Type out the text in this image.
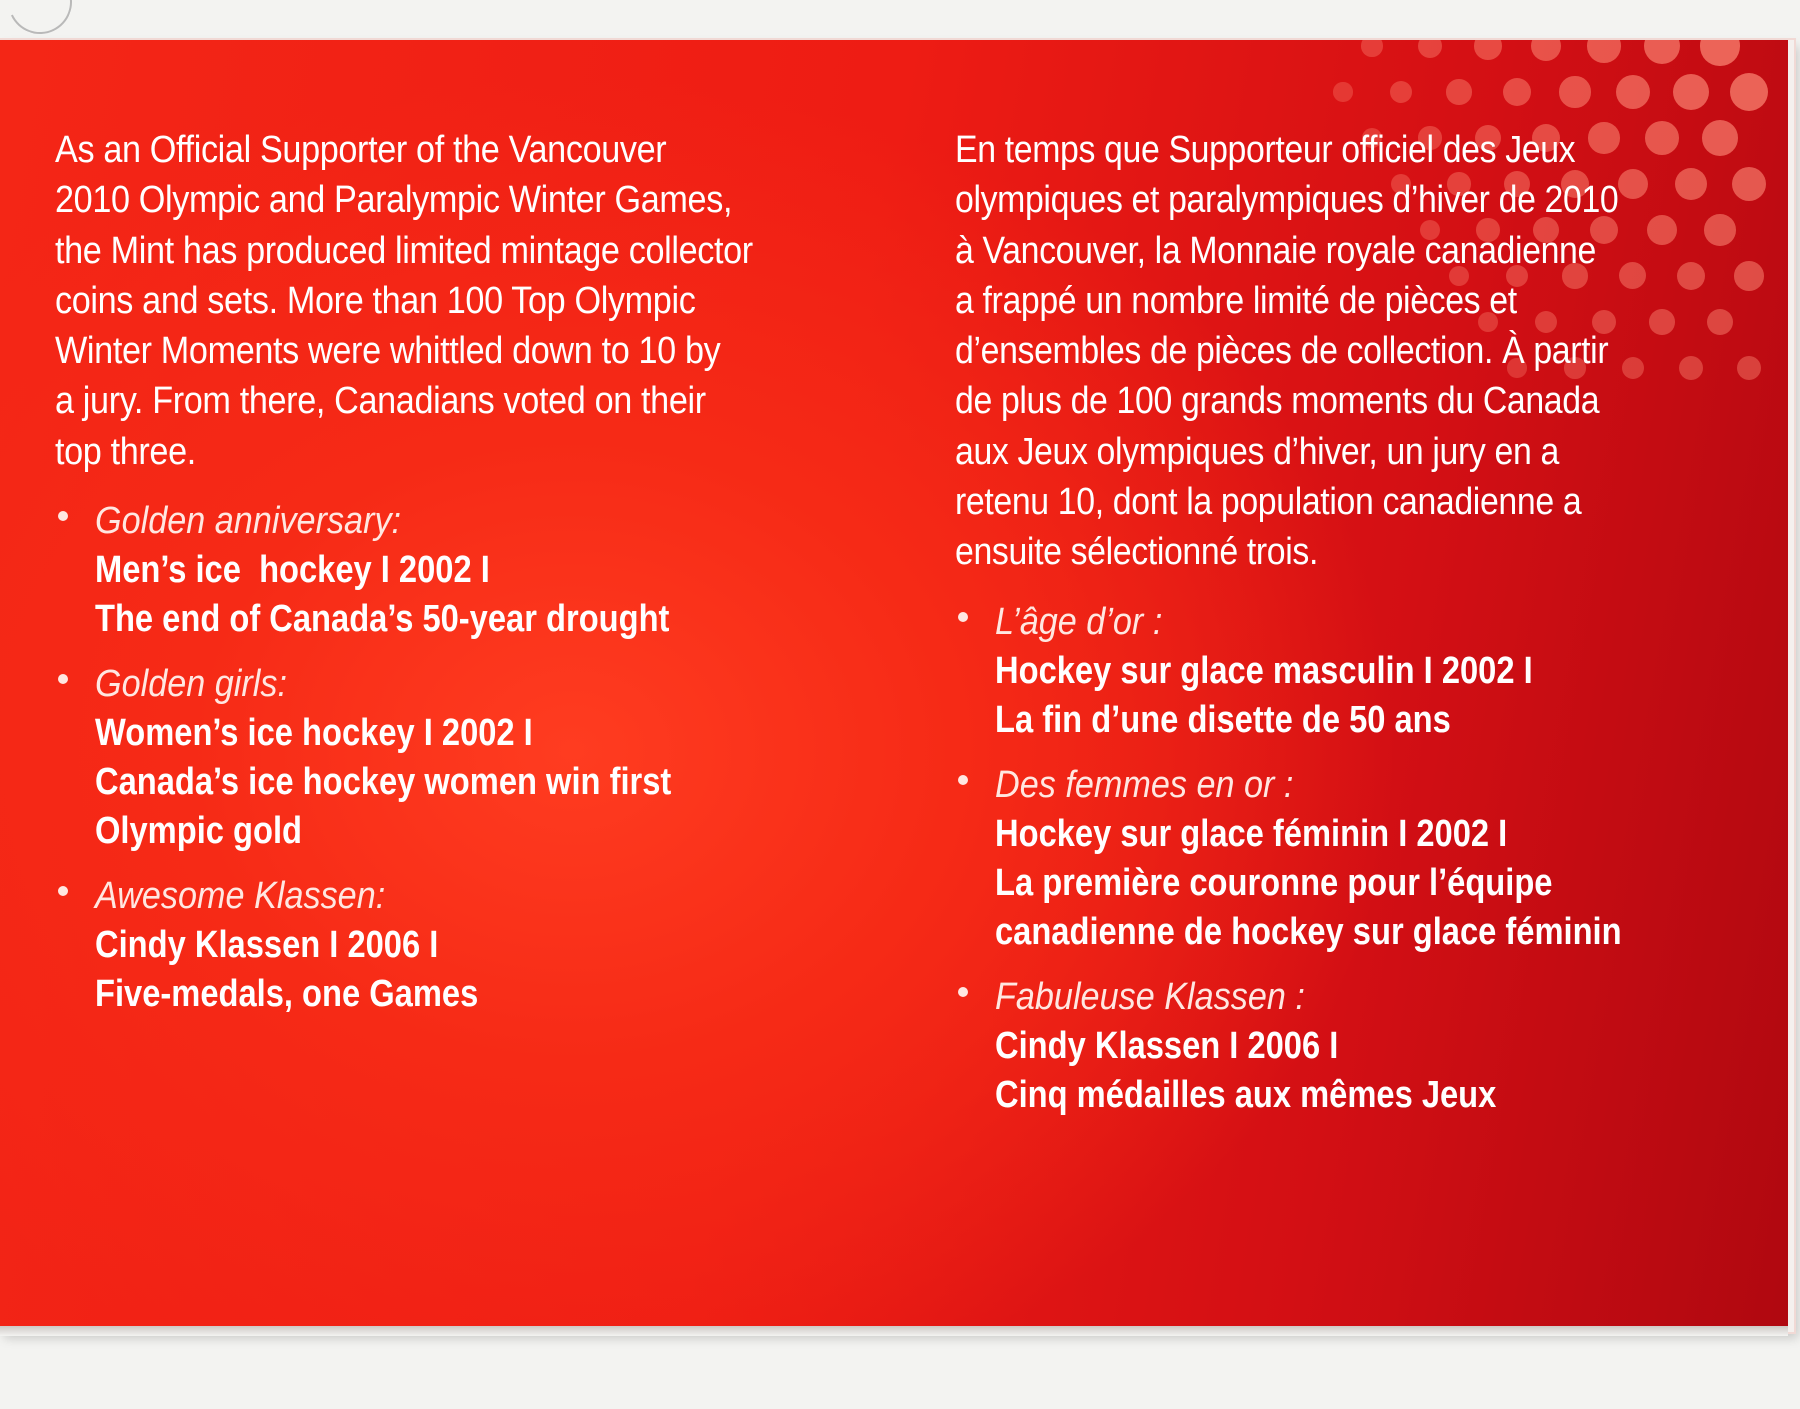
As an Official Supporter of the Vancouver
2010 Olympic and Paralympic Winter Games,
the Mint has produced limited mintage collector
coins and sets. More than 100 Top Olympic
Winter Moments were whittled down to 10 by
a jury. From there, Canadians voted on their
top three.

Golden anniversary:
Men’s ice  hockey I 2002 I
The end of Canada’s 50-year drought
Golden girls:
Women’s ice hockey I 2002 I
Canada’s ice hockey women win first
Olympic gold
Awesome Klassen:
Cindy Klassen I 2006 I
Five-medals, one Games

En temps que Supporteur officiel des Jeux
olympiques et paralympiques d’hiver de 2010
à Vancouver, la Monnaie royale canadienne
a frappé un nombre limité de pièces et
d’ensembles de pièces de collection. À partir
de plus de 100 grands moments du Canada
aux Jeux olympiques d’hiver, un jury en a
retenu 10, dont la population canadienne a
ensuite sélectionné trois.

L’âge d’or :
Hockey sur glace masculin I 2002 I
La fin d’une disette de 50 ans
Des femmes en or :
Hockey sur glace féminin I 2002 I
La première couronne pour l’équipe
canadienne de hockey sur glace féminin
Fabuleuse Klassen :
Cindy Klassen I 2006 I
Cinq médailles aux mêmes Jeux
